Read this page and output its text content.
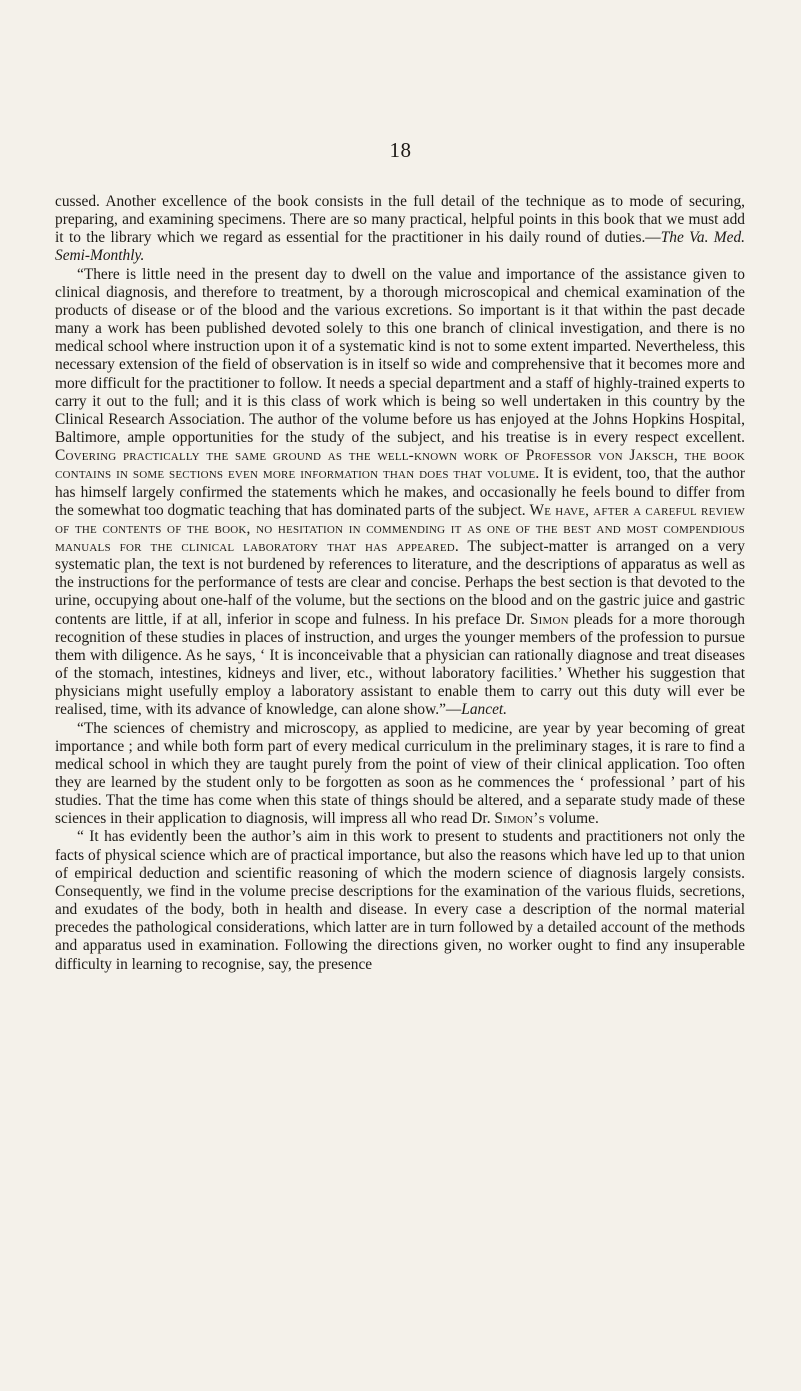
18

cussed. Another excellence of the book consists in the full detail of the technique as to mode of securing, preparing, and examining specimens. There are so many practical, helpful points in this book that we must add it to the library which we regard as essential for the practitioner in his daily round of duties.—The Va. Med. Semi-Monthly.

“There is little need in the present day to dwell on the value and importance of the assistance given to clinical diagnosis, and therefore to treatment, by a thorough microscopical and chemical examination of the products of disease or of the blood and the various excretions. So important is it that within the past decade many a work has been published devoted solely to this one branch of clinical investigation, and there is no medical school where instruction upon it of a systematic kind is not to some extent imparted. Nevertheless, this necessary extension of the field of observation is in itself so wide and comprehensive that it becomes more and more difficult for the practitioner to follow. It needs a special department and a staff of highly-trained experts to carry it out to the full; and it is this class of work which is being so well undertaken in this country by the Clinical Research Association. The author of the volume before us has enjoyed at the Johns Hopkins Hospital, Baltimore, ample opportunities for the study of the subject, and his treatise is in every respect excellent. Covering practically the same ground as the well-known work of Professor von Jaksch, the book contains in some sections even more information than does that volume. It is evident, too, that the author has himself largely confirmed the statements which he makes, and occasionally he feels bound to differ from the somewhat too dogmatic teaching that has dominated parts of the subject. We have, after a careful review of the contents of the book, no hesitation in commending it as one of the best and most compendious manuals for the clinical laboratory that has appeared. The subject-matter is arranged on a very systematic plan, the text is not burdened by references to literature, and the descriptions of apparatus as well as the instructions for the performance of tests are clear and concise. Perhaps the best section is that devoted to the urine, occupying about one-half of the volume, but the sections on the blood and on the gastric juice and gastric contents are little, if at all, inferior in scope and fulness. In his preface Dr. Simon pleads for a more thorough recognition of these studies in places of instruction, and urges the younger members of the profession to pursue them with diligence. As he says, ‘ It is inconceivable that a physician can rationally diagnose and treat diseases of the stomach, intestines, kidneys and liver, etc., without laboratory facilities.’ Whether his suggestion that physicians might usefully employ a laboratory assistant to enable them to carry out this duty will ever be realised, time, with its advance of knowledge, can alone show.”—Lancet.

“The sciences of chemistry and microscopy, as applied to medicine, are year by year becoming of great importance ; and while both form part of every medical curriculum in the preliminary stages, it is rare to find a medical school in which they are taught purely from the point of view of their clinical application. Too often they are learned by the student only to be forgotten as soon as he commences the ‘ professional ’ part of his studies. That the time has come when this state of things should be altered, and a separate study made of these sciences in their application to diagnosis, will impress all who read Dr. Simon’s volume.

“ It has evidently been the author’s aim in this work to present to students and practitioners not only the facts of physical science which are of practical importance, but also the reasons which have led up to that union of empirical deduction and scientific reasoning of which the modern science of diagnosis largely consists. Consequently, we find in the volume precise descriptions for the examination of the various fluids, secretions, and exudates of the body, both in health and disease. In every case a description of the normal material precedes the pathological considerations, which latter are in turn followed by a detailed account of the methods and apparatus used in examination. Following the directions given, no worker ought to find any insuperable difficulty in learning to recognise, say, the presence
